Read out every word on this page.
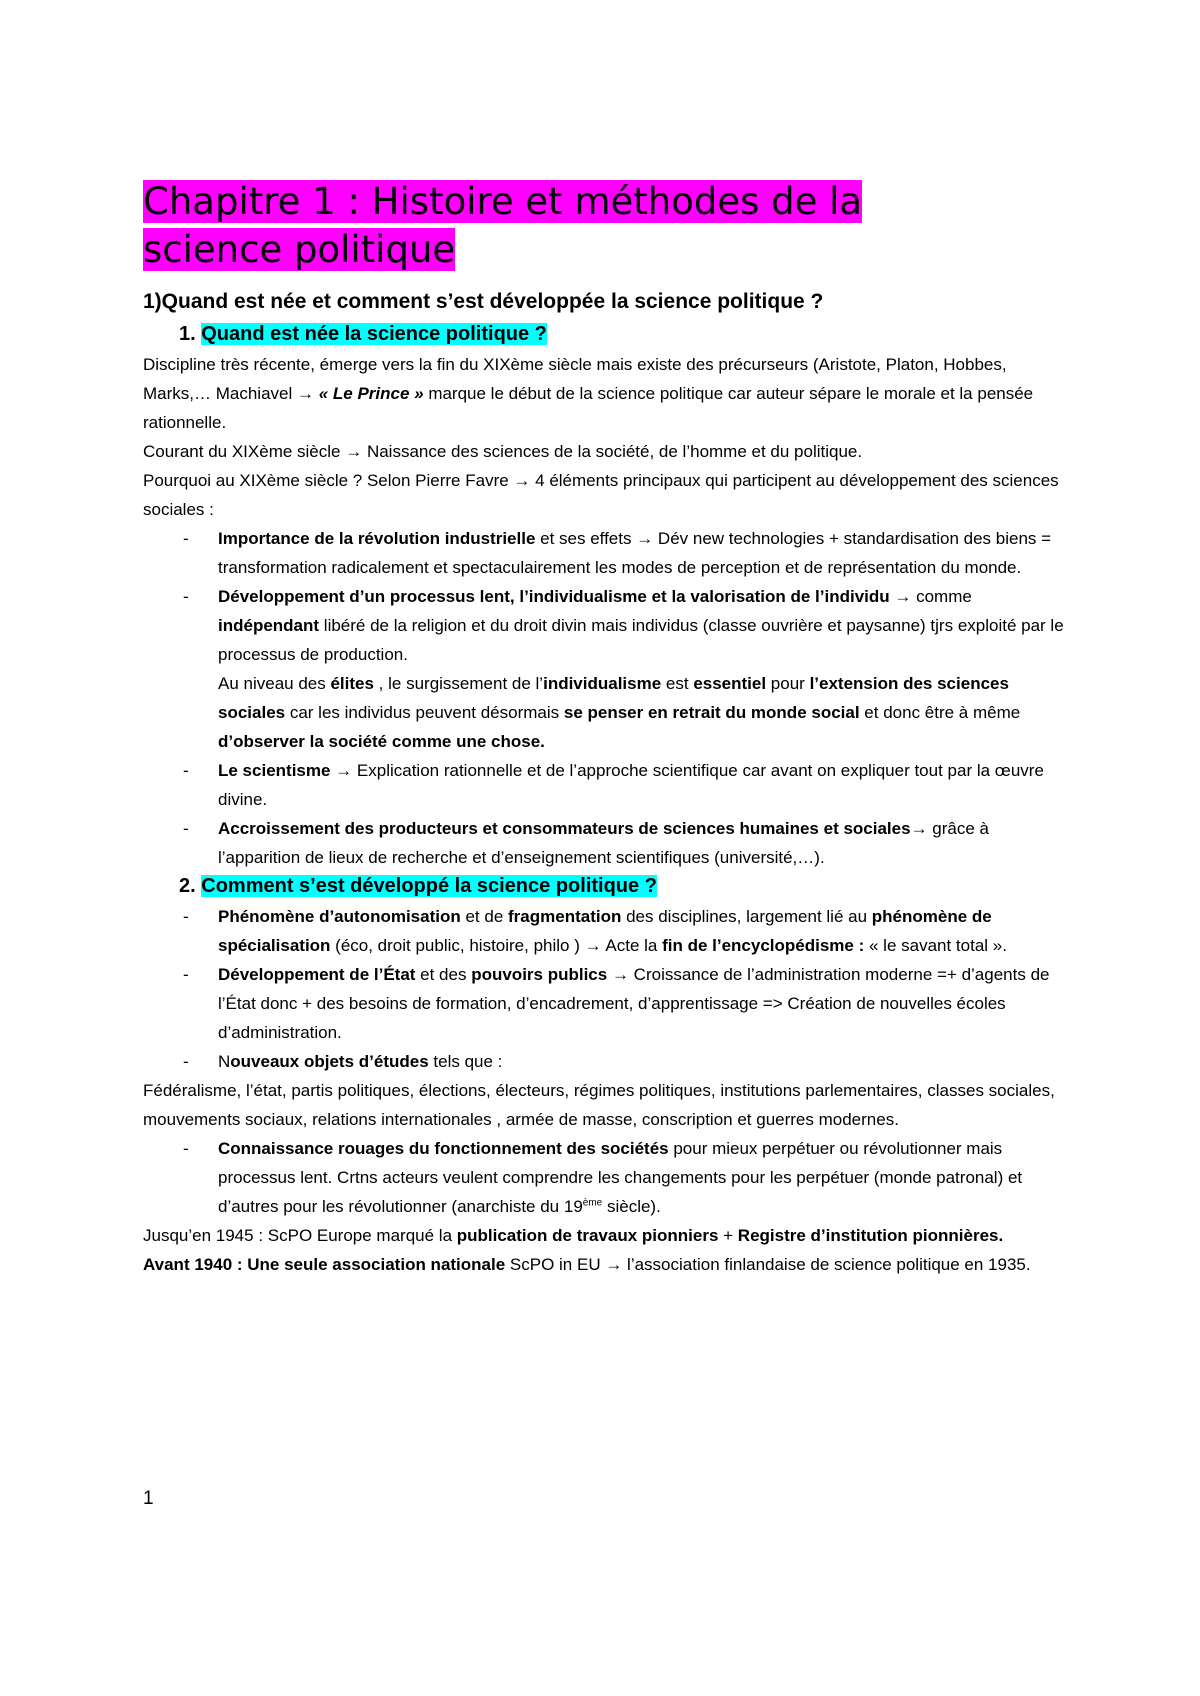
Chapitre 1 : Histoire et méthodes de la
science politique
1)Quand est née et comment s’est développée la science politique ?
1. Quand est née la science politique ?

Discipline très récente, émerge vers la fin du XIXème siècle mais existe des précurseurs (Aristote, Platon, Hobbes, Marks,… Machiavel → « Le Prince » marque le début de la science politique car auteur sépare le morale et la pensée rationnelle.

Courant du XIXème siècle → Naissance des sciences de la société, de l’homme et du politique.

Pourquoi au XIXème siècle ? Selon Pierre Favre → 4 éléments principaux qui participent au développement des sciences sociales :

- Importance de la révolution industrielle et ses effets → Dév new technologies + standardisation des biens = transformation radicalement et spectaculairement les modes de perception et de représentation du monde.
- Développement d’un processus lent, l’individualisme et la valorisation de l’individu → comme indépendant libéré de la religion et du droit divin mais individus (classe ouvrière et paysanne) tjrs exploité par le processus de production.
Au niveau des élites , le surgissement de l’individualisme est essentiel pour l’extension des sciences sociales car les individus peuvent désormais se penser en retrait du monde social et donc être à même d’observer la société comme une chose.
- Le scientisme → Explication rationnelle et de l’approche scientifique car avant on expliquer tout par la œuvre divine.
- Accroissement des producteurs et consommateurs de sciences humaines et sociales→ grâce à l’apparition de lieux de recherche et d’enseignement scientifiques (université,…).
2. Comment s’est développé la science politique ?
- Phénomène d’autonomisation et de fragmentation des disciplines, largement lié au phénomène de spécialisation (éco, droit public, histoire, philo ) → Acte la fin de l’encyclopédisme : « le savant total ».
- Développement de l’État et des pouvoirs publics → Croissance de l’administration moderne =+ d’agents de l’État donc + des besoins de formation, d’encadrement, d’apprentissage => Création de nouvelles écoles d’administration.
- Nouveaux objets d’études tels que :

Fédéralisme, l’état, partis politiques, élections, électeurs, régimes politiques, institutions parlementaires, classes sociales, mouvements sociaux, relations internationales , armée de masse, conscription et guerres modernes.

- Connaissance rouages du fonctionnement des sociétés pour mieux perpétuer ou révolutionner mais processus lent. Crtns acteurs veulent comprendre les changements pour les perpétuer (monde patronal) et d’autres pour les révolutionner (anarchiste du 19ème siècle).

Jusqu’en 1945 : ScPO Europe marqué la publication de travaux pionniers + Registre d’institution pionnières.

Avant 1940 : Une seule association nationale ScPO in EU → l’association finlandaise de science politique en 1935.

1
